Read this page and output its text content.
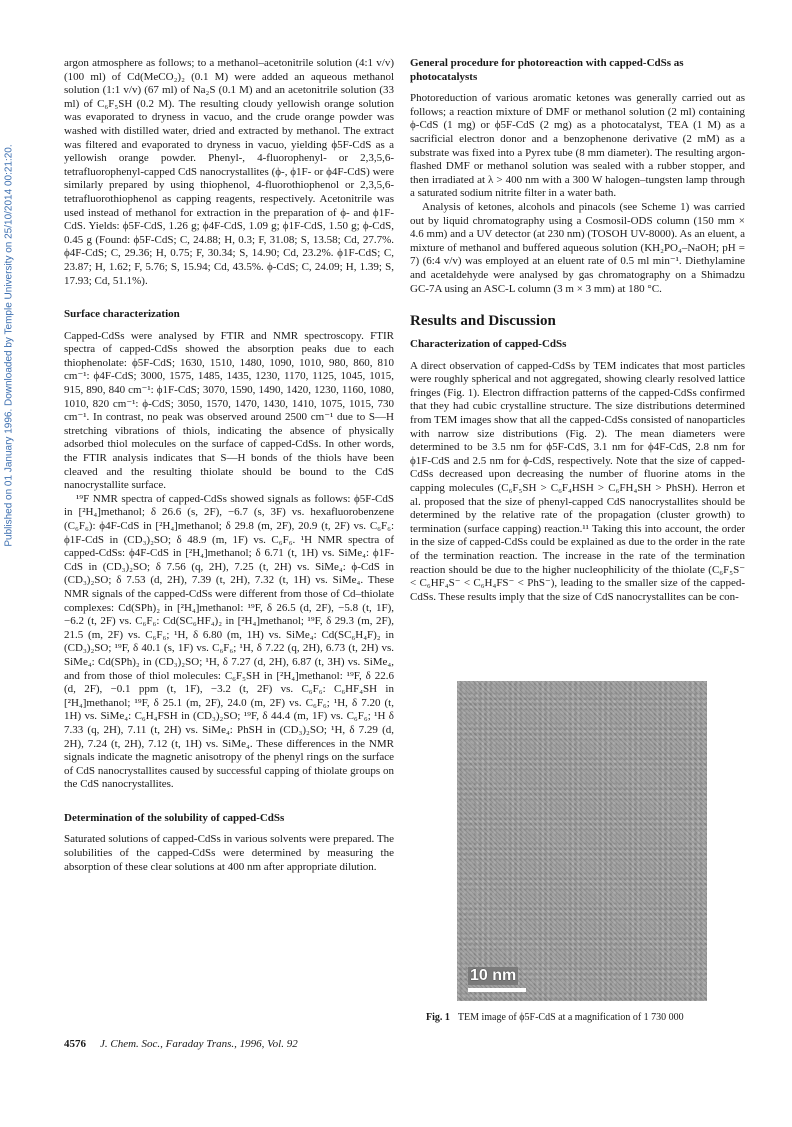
Published on 01 January 1996. Downloaded by Temple University on 25/10/2014 00:21:20.

argon atmosphere as follows; to a methanol–acetonitrile solution (4:1 v/v) (100 ml) of Cd(MeCO₂)₂ (0.1 M) were added an aqueous methanol solution (1:1 v/v) (67 ml) of Na₂S (0.1 M) and an acetonitrile solution (33 ml) of C₆F₅SH (0.2 M). The resulting cloudy yellowish orange solution was evaporated to dryness in vacuo, and the crude orange powder was washed with distilled water, dried and extracted by methanol. The extract was filtered and evaporated to dryness in vacuo, yielding ϕ5F-CdS as a yellowish orange powder. Phenyl-, 4-fluorophenyl- or 2,3,5,6-tetrafluorophenyl-capped CdS nanocrystallites (ϕ-, ϕ1F- or ϕ4F-CdS) were similarly prepared by using thiophenol, 4-fluorothiophenol or 2,3,5,6-tetrafluorothiophenol as capping reagents, respectively. Acetonitrile was used instead of methanol for extraction in the preparation of ϕ- and ϕ1F-CdS. Yields: ϕ5F-CdS, 1.26 g; ϕ4F-CdS, 1.09 g; ϕ1F-CdS, 1.50 g; ϕ-CdS, 0.45 g (Found: ϕ5F-CdS; C, 24.88; H, 0.3; F, 31.08; S, 13.58; Cd, 27.7%. ϕ4F-CdS; C, 29.36; H, 0.75; F, 30.34; S, 14.90; Cd, 23.2%. ϕ1F-CdS; C, 23.87; H, 1.62; F, 5.76; S, 15.94; Cd, 43.5%. ϕ-CdS; C, 24.09; H, 1.39; S, 17.93; Cd, 51.1%).

Surface characterization

Capped-CdSs were analysed by FTIR and NMR spectroscopy. FTIR spectra of capped-CdSs showed the absorption peaks due to each thiophenolate: ϕ5F-CdS; 1630, 1510, 1480, 1090, 1010, 980, 860, 810 cm⁻¹: ϕ4F-CdS; 3000, 1575, 1485, 1435, 1230, 1170, 1125, 1045, 1015, 915, 890, 840 cm⁻¹: ϕ1F-CdS; 3070, 1590, 1490, 1420, 1230, 1160, 1080, 1010, 820 cm⁻¹: ϕ-CdS; 3050, 1570, 1470, 1430, 1410, 1075, 1015, 730 cm⁻¹. In contrast, no peak was observed around 2500 cm⁻¹ due to S—H stretching vibrations of thiols, indicating the absence of physically adsorbed thiol molecules on the surface of capped-CdSs. In other words, the FTIR analysis indicates that S—H bonds of the thiols have been cleaved and the resulting thiolate should be bound to the CdS nanocrystallite surface.

¹⁹F NMR spectra of capped-CdSs showed signals as follows: ϕ5F-CdS in [²H₄]methanol; δ 26.6 (s, 2F), −6.7 (s, 3F) vs. hexafluorobenzene (C₆F₆): ϕ4F-CdS in [²H₄]methanol; δ 29.8 (m, 2F), 20.9 (t, 2F) vs. C₆F₆: ϕ1F-CdS in (CD₃)₂SO; δ 48.9 (m, 1F) vs. C₆F₆. ¹H NMR spectra of capped-CdSs: ϕ4F-CdS in [²H₄]methanol; δ 6.71 (t, 1H) vs. SiMe₄: ϕ1F-CdS in (CD₃)₂SO; δ 7.56 (q, 2H), 7.25 (t, 2H) vs. SiMe₄: ϕ-CdS in (CD₃)₂SO; δ 7.53 (d, 2H), 7.39 (t, 2H), 7.32 (t, 1H) vs. SiMe₄. These NMR signals of the capped-CdSs were different from those of Cd–thiolate complexes: Cd(SPh)₂ in [²H₄]methanol: ¹⁹F, δ 26.5 (d, 2F), −5.8 (t, 1F), −6.2 (t, 2F) vs. C₆F₆: Cd(SC₆HF₄)₂ in [²H₄]methanol; ¹⁹F, δ 29.3 (m, 2F), 21.5 (m, 2F) vs. C₆F₆; ¹H, δ 6.80 (m, 1H) vs. SiMe₄: Cd(SC₆H₄F)₂ in (CD₃)₂SO; ¹⁹F, δ 40.1 (s, 1F) vs. C₆F₆; ¹H, δ 7.22 (q, 2H), 6.73 (t, 2H) vs. SiMe₄: Cd(SPh)₂ in (CD₃)₂SO; ¹H, δ 7.27 (d, 2H), 6.87 (t, 3H) vs. SiMe₄, and from those of thiol molecules: C₆F₅SH in [²H₄]methanol: ¹⁹F, δ 22.6 (d, 2F), −0.1 ppm (t, 1F), −3.2 (t, 2F) vs. C₆F₆: C₆HF₄SH in [²H₄]methanol; ¹⁹F, δ 25.1 (m, 2F), 24.0 (m, 2F) vs. C₆F₆; ¹H, δ 7.20 (t, 1H) vs. SiMe₄: C₆H₄FSH in (CD₃)₂SO; ¹⁹F, δ 44.4 (m, 1F) vs. C₆F₆; ¹H δ 7.33 (q, 2H), 7.11 (t, 2H) vs. SiMe₄: PhSH in (CD₃)₂SO; ¹H, δ 7.29 (d, 2H), 7.24 (t, 2H), 7.12 (t, 1H) vs. SiMe₄. These differences in the NMR signals indicate the magnetic anisotropy of the phenyl rings on the surface of CdS nanocrystallites caused by successful capping of thiolate groups on the CdS nanocrystallites.

Determination of the solubility of capped-CdSs

Saturated solutions of capped-CdSs in various solvents were prepared. The solubilities of the capped-CdSs were determined by measuring the absorption of these clear solutions at 400 nm after appropriate dilution.

General procedure for photoreaction with capped-CdSs as photocatalysts

Photoreduction of various aromatic ketones was generally carried out as follows; a reaction mixture of DMF or methanol solution (2 ml) containing ϕ-CdS (1 mg) or ϕ5F-CdS (2 mg) as a photocatalyst, TEA (1 M) as a sacrificial electron donor and a benzophenone derivative (2 mM) as a substrate was fixed into a Pyrex tube (8 mm diameter). The resulting argon-flashed DMF or methanol solution was sealed with a rubber stopper, and then irradiated at λ > 400 nm with a 300 W halogen–tungsten lamp through a saturated sodium nitrite filter in a water bath.

Analysis of ketones, alcohols and pinacols (see Scheme 1) was carried out by liquid chromatography using a Cosmosil-ODS column (150 mm × 4.6 mm) and a UV detector (at 230 nm) (TOSOH UV-8000). As an eluent, a mixture of methanol and buffered aqueous solution (KH₂PO₄–NaOH; pH = 7) (6:4 v/v) was employed at an eluent rate of 0.5 ml min⁻¹. Diethylamine and acetaldehyde were analysed by gas chromatography on a Shimadzu GC-7A using an ASC-L column (3 m × 3 mm) at 180 °C.

Results and Discussion
Characterization of capped-CdSs

A direct observation of capped-CdSs by TEM indicates that most particles were roughly spherical and not aggregated, showing clearly resolved lattice fringes (Fig. 1). Electron diffraction patterns of the capped-CdSs confirmed that they had cubic crystalline structure. The size distributions determined from TEM images show that all the capped-CdSs consisted of nanoparticles with narrow size distributions (Fig. 2). The mean diameters were determined to be 3.5 nm for ϕ5F-CdS, 3.1 nm for ϕ4F-CdS, 2.8 nm for ϕ1F-CdS and 2.5 nm for ϕ-CdS, respectively. Note that the size of capped-CdSs decreased upon decreasing the number of fluorine atoms in the capping molecules (C₆F₅SH > C₆F₄HSH > C₆FH₄SH > PhSH). Herron et al. proposed that the size of phenyl-capped CdS nanocrystallites should be determined by the relative rate of the propagation (cluster growth) to termination (surface capping) reaction.¹¹ Taking this into account, the order in the size of capped-CdSs could be explained as due to the order in the rate of the termination reaction. The increase in the rate of the termination reaction should be due to the higher nucleophilicity of the thiolate (C₆F₅S⁻ < C₆HF₄S⁻ < C₆H₄FS⁻ < PhS⁻), leading to the smaller size of the capped-CdSs. These results imply that the size of CdS nanocrystallites can be con-

10 nm
Fig. 1 TEM image of ϕ5F-CdS at a magnification of 1 730 000
4576 J. Chem. Soc., Faraday Trans., 1996, Vol. 92
